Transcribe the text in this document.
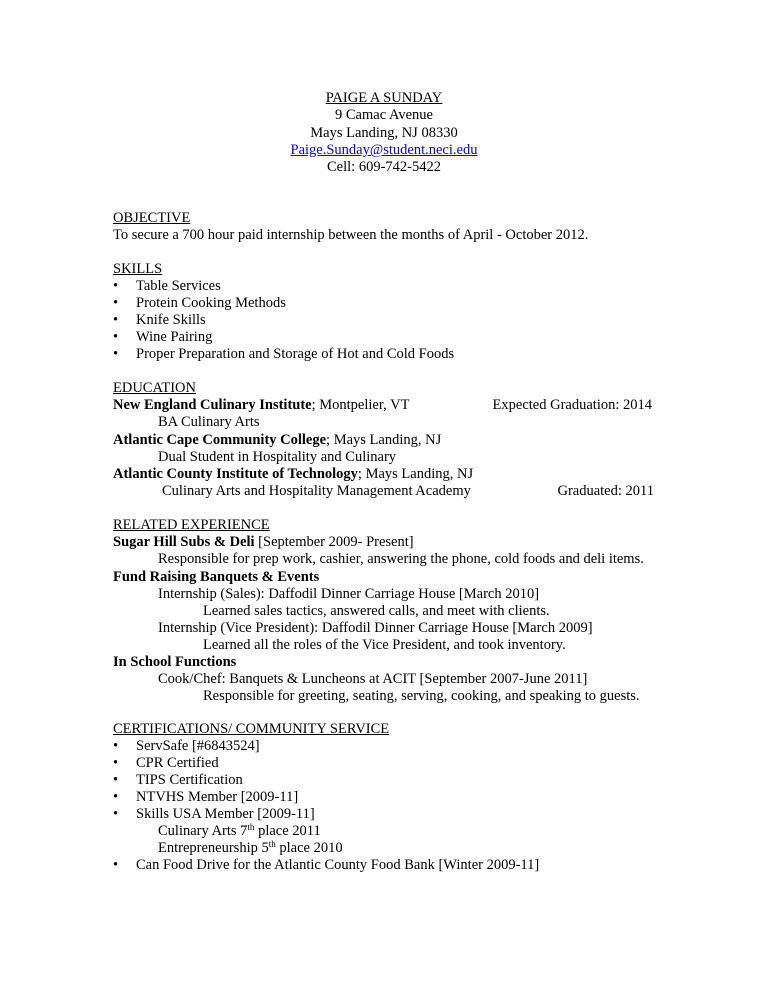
PAIGE A SUNDAY
9 Camac Avenue
Mays Landing, NJ 08330
Paige.Sunday@student.neci.edu
Cell: 609-742-5422
OBJECTIVE
To secure a 700 hour paid internship between the months of April - October 2012.
SKILLS
• Table Services
• Protein Cooking Methods
• Knife Skills
• Wine Pairing
• Proper Preparation and Storage of Hot and Cold Foods
EDUCATION
New England Culinary Institute; Montpelier, VT	Expected Graduation: 2014
BA Culinary Arts
Atlantic Cape Community College; Mays Landing, NJ
Dual Student in Hospitality and Culinary
Atlantic County Institute of Technology; Mays Landing, NJ
Culinary Arts and Hospitality Management Academy	Graduated: 2011
RELATED EXPERIENCE
Sugar Hill Subs & Deli [September 2009- Present]
Responsible for prep work, cashier, answering the phone, cold foods and deli items.
Fund Raising Banquets & Events
Internship (Sales): Daffodil Dinner Carriage House [March 2010]
Learned sales tactics, answered calls, and meet with clients.
Internship (Vice President): Daffodil Dinner Carriage House [March 2009]
Learned all the roles of the Vice President, and took inventory.
In School Functions
Cook/Chef: Banquets & Luncheons at ACIT [September 2007-June 2011]
Responsible for greeting, seating, serving, cooking, and speaking to guests.
CERTIFICATIONS/ COMMUNITY SERVICE
• ServSafe [#6843524]
• CPR Certified
• TIPS Certification
• NTVHS Member [2009-11]
• Skills USA Member [2009-11]
Culinary Arts 7th place 2011
Entrepreneurship 5th place 2010
• Can Food Drive for the Atlantic County Food Bank [Winter 2009-11]
